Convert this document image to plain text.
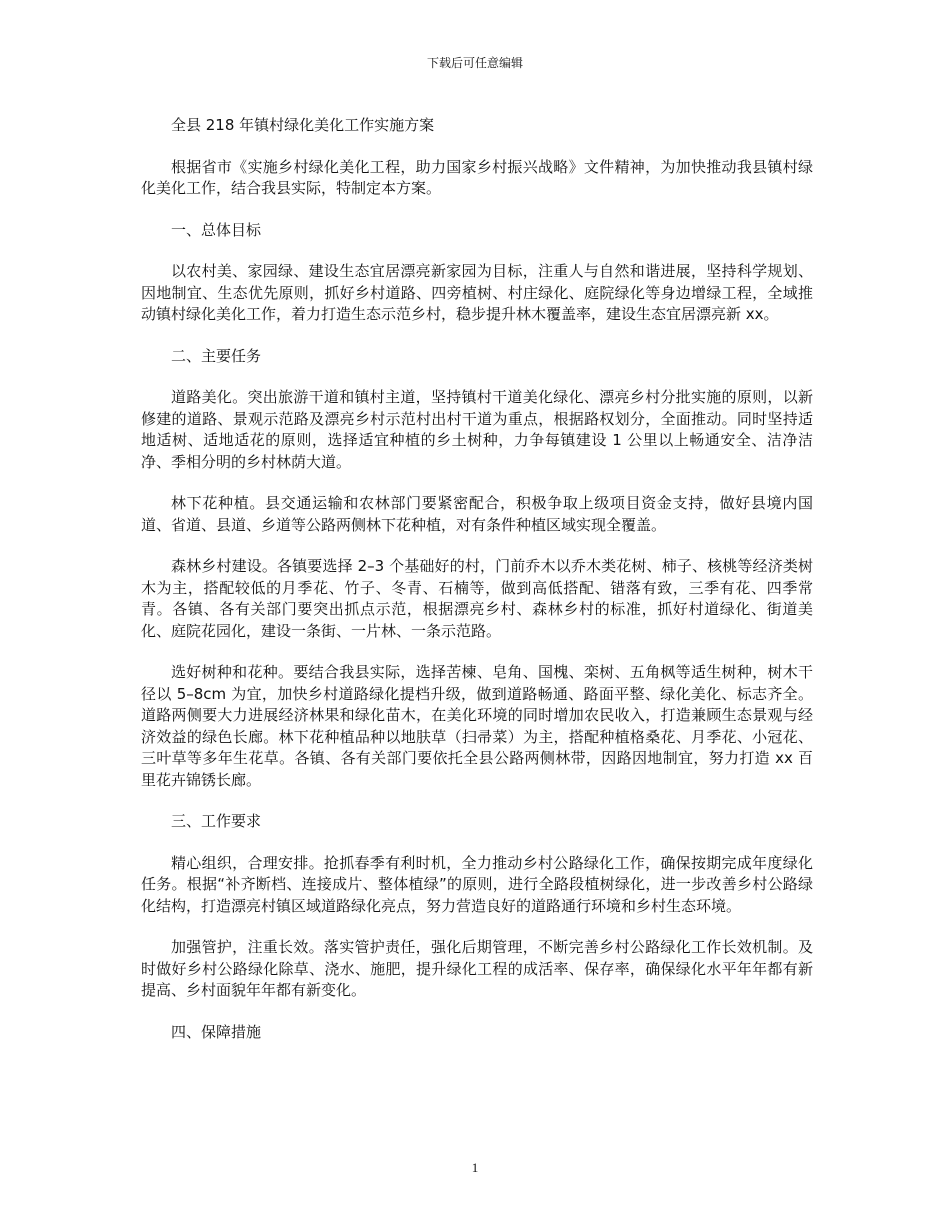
下载后可任意编辑

全县 218 年镇村绿化美化工作实施方案

根据省市《实施乡村绿化美化工程，助力国家乡村振兴战略》文件精神，为加快推动我县镇村绿化美化工作，结合我县实际，特制定本方案。

一、总体目标

以农村美、家园绿、建设生态宜居漂亮新家园为目标，注重人与自然和谐进展，坚持科学规划、因地制宜、生态优先原则，抓好乡村道路、四旁植树、村庄绿化、庭院绿化等身边增绿工程，全域推动镇村绿化美化工作，着力打造生态示范乡村，稳步提升林木覆盖率，建设生态宜居漂亮新 xx。

二、主要任务

道路美化。突出旅游干道和镇村主道，坚持镇村干道美化绿化、漂亮乡村分批实施的原则，以新修建的道路、景观示范路及漂亮乡村示范村出村干道为重点，根据路权划分，全面推动。同时坚持适地适树、适地适花的原则，选择适宜种植的乡土树种，力争每镇建设 1 公里以上畅通安全、洁净洁净、季相分明的乡村林荫大道。

林下花种植。县交通运输和农林部门要紧密配合，积极争取上级项目资金支持，做好县境内国道、省道、县道、乡道等公路两侧林下花种植，对有条件种植区域实现全覆盖。

森林乡村建设。各镇要选择 2–3 个基础好的村，门前乔木以乔木类花树、柿子、核桃等经济类树木为主，搭配较低的月季花、竹子、冬青、石楠等，做到高低搭配、错落有致，三季有花、四季常青。各镇、各有关部门要突出抓点示范，根据漂亮乡村、森林乡村的标准，抓好村道绿化、街道美化、庭院花园化，建设一条街、一片林、一条示范路。

选好树种和花种。要结合我县实际，选择苦楝、皂角、国槐、栾树、五角枫等适生树种，树木干径以 5–8cm 为宜，加快乡村道路绿化提档升级，做到道路畅通、路面平整、绿化美化、标志齐全。道路两侧要大力进展经济林果和绿化苗木，在美化环境的同时增加农民收入，打造兼顾生态景观与经济效益的绿色长廊。林下花种植品种以地肤草（扫帚菜）为主，搭配种植格桑花、月季花、小冠花、三叶草等多年生花草。各镇、各有关部门要依托全县公路两侧林带，因路因地制宜，努力打造 xx 百里花卉锦锈长廊。

三、工作要求

精心组织，合理安排。抢抓春季有利时机，全力推动乡村公路绿化工作，确保按期完成年度绿化任务。根据“补齐断档、连接成片、整体植绿”的原则，进行全路段植树绿化，进一步改善乡村公路绿化结构，打造漂亮村镇区域道路绿化亮点，努力营造良好的道路通行环境和乡村生态环境。

加强管护，注重长效。落实管护责任，强化后期管理，不断完善乡村公路绿化工作长效机制。及时做好乡村公路绿化除草、浇水、施肥，提升绿化工程的成活率、保存率，确保绿化水平年年都有新提高、乡村面貌年年都有新变化。

四、保障措施

1
